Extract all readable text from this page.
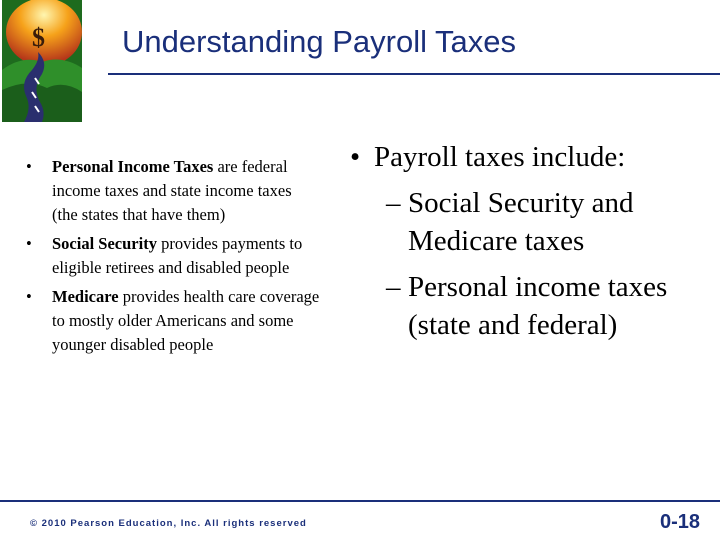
$ Understanding Payroll Taxes
• Personal Income Taxes are federal income taxes and state income taxes (the states that have them)
• Social Security provides payments to eligible retirees and disabled people
• Medicare provides health care coverage to mostly older Americans and some younger disabled people
• Payroll taxes include:
– Social Security and Medicare taxes
– Personal income taxes (state and federal)
© 2010 Pearson Education, Inc. All rights reserved	0-18
